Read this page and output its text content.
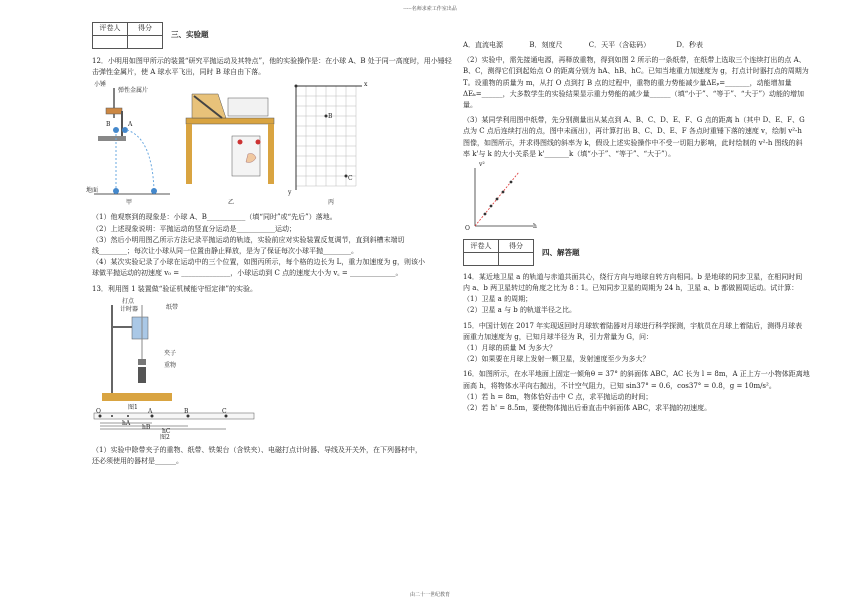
-----名师求索工作室出品
评卷人	得分

三、实验题

12．小明用如图甲所示的装置“研究平抛运动及其特点”，他的实验操作是：在小球 A、B 处于同一高度时，用小锤轻击弹性金属片，使 A 球水平飞出，同时 B 球自由下落。

小锤
弹性金属片
A
B
地面
甲	乙
x
y
B
C
丙

（1）他观察到的现象是：小球 A、B___________（填“同时”或“先后”）落地。

（2）上述现象说明：平抛运动的竖直分运动是___________运动；

（3）然后小明用图乙所示方法记录平抛运动的轨迹，实验前应对实验装置反复调节，直到斜槽末端切

线________；每次让小球从同一位置由静止释放，是为了保证每次小球平抛________。

（4）某次实验记录了小球在运动中的三个位置，如图丙所示，每个格的边长为 L，重力加速度为 g，则该小

球做平抛运动的初速度 v₀ = ______________，小球运动到 C 点的速度大小为 v꜀ = _____________。

13．利用图 1 装置做“验证机械能守恒定律”的实验。

打点
计时器	纸带
夹子
重物
图1
O	A	B	C
hA
hB
hC
图2

（1）实验中除带夹子的重物、纸带、铁架台（含铁夹）、电磁打点计时器、导线及开关外，在下列器材中，

还必须使用的器材是______。

A．直流电源	B．刻度尺	C．天平（含砝码）	D．秒表

（2）实验中，需先接通电源，再释放重物，得到如图 2 所示的一条纸带，在纸带上选取三个连续打出的点 A、

B、C，测得它们到起始点 O 的距离分别为 hA、hB、hC。已知当地重力加速度为 g，打点计时器打点的周期为

T。设重物的质量为 m，从打 O 点到打 B 点的过程中，重物的重力势能减少量ΔEₚ=_______，动能增加量

ΔEₖ=______，大多数学生的实验结果显示重力势能的减少量______（填“小于”、“等于”、“大于”）动能的增加

量。

（3）某同学利用图中纸带，先分别测量出从某点到 A、B、C、D、E、F、G 点的距离 h（其中 D、E、F、G

点为 C 点后连续打出的点，图中未画出），再计算打出 B、C、D、E、F 各点时重锤下落的速度 v，绘制 v²-h

图像，如图所示，并求得图线的斜率为 k，假设上述实验操作中不受一切阻力影响，此时绘制的 v²-h 图线的斜

率 k'与 k 的大小关系是 k'_______k（填“小于”、“等于”、“大于”）。

v²
O	h
评卷人	得分

四、解答题

14．某近地卫星 a 的轨道与赤道共面共心，绕行方向与地球自转方向相同。b 是地球的同步卫星，在相同时间

内 a、b 两卫星转过的角度之比为 8∶1。已知同步卫星的周期为 24 h，卫星 a、b 都做圆周运动。试计算：

（1）卫星 a 的周期；

（2）卫星 a 与 b 的轨道半径之比。

15．中国计划在 2017 年实现返回时月球软着陆器对月球进行科学探测，宇航员在月球上着陆后，测得月球表

面重力加速度为 g，已知月球半径为 R，引力常量为 G，问：

（1）月球的质量 M 为多大？

（2）如果要在月球上发射一颗卫星，发射速度至少为多大？

16．如图所示，在水平地面上固定一倾角θ = 37° 的斜面体 ABC，AC 长为 l = 8m，A 正上方一小物体距离地

面高 h，将物体水平向右抛出，不计空气阻力，已知 sin37° = 0.6，cos37° = 0.8，g = 10m/s²。

（1）若 h = 8m，物体恰好击中 C 点，求平抛运动的时间；

（2）若 h' = 8.5m，要使物体抛出后垂直击中斜面体 ABC，求平抛的初速度。

由二十一世纪教育
